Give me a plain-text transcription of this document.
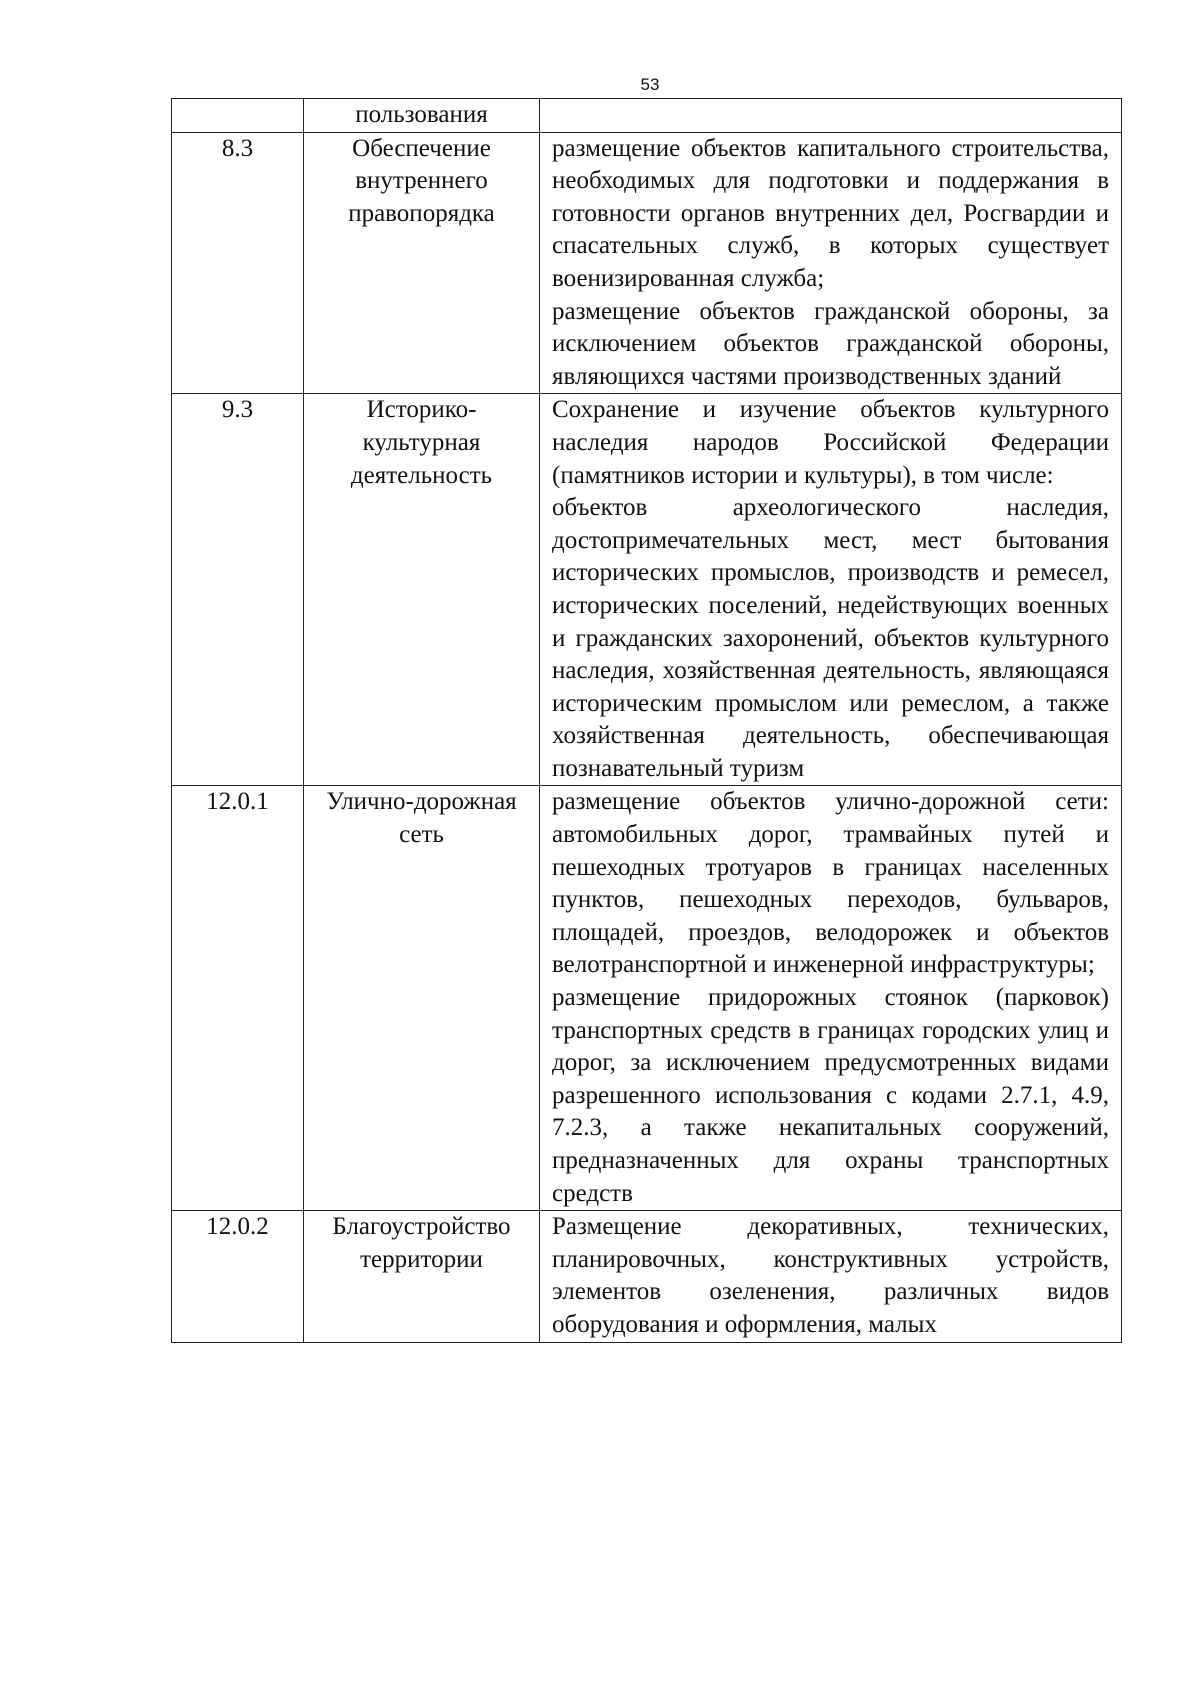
53
	пользования	
8.3	Обеспечение внутреннего правопорядка	размещение объектов капитального строительства, необходимых для подготовки и поддержания в готовности органов внутренних дел, Росгвардии и спасательных служб, в которых существует военизированная служба;
размещение объектов гражданской обороны, за исключением объектов гражданской обороны, являющихся частями производственных зданий

9.3	Историко-культурная деятельность	Сохранение и изучение объектов культурного наследия народов Российской Федерации (памятников истории и культуры), в том числе:
объектов археологического наследия, достопримечательных мест, мест бытования исторических промыслов, производств и ремесел, исторических поселений, недействующих военных и гражданских захоронений, объектов культурного наследия, хозяйственная деятельность, являющаяся историческим промыслом или ремеслом, а также хозяйственная деятельность, обеспечивающая познавательный туризм

12.0.1	Улично-дорожная сеть	размещение объектов улично-дорожной сети: автомобильных дорог, трамвайных путей и пешеходных тротуаров в границах населенных пунктов, пешеходных переходов, бульваров, площадей, проездов, велодорожек и объектов велотранспортной и инженерной инфраструктуры;
размещение придорожных стоянок (парковок) транспортных средств в границах городских улиц и дорог, за исключением предусмотренных видами разрешенного использования с кодами 2.7.1, 4.9, 7.2.3, а также некапитальных сооружений, предназначенных для охраны транспортных средств

12.0.2	Благоустройство территории	Размещение декоративных, технических, планировочных, конструктивных устройств, элементов озеленения, различных видов оборудования и оформления, малых
